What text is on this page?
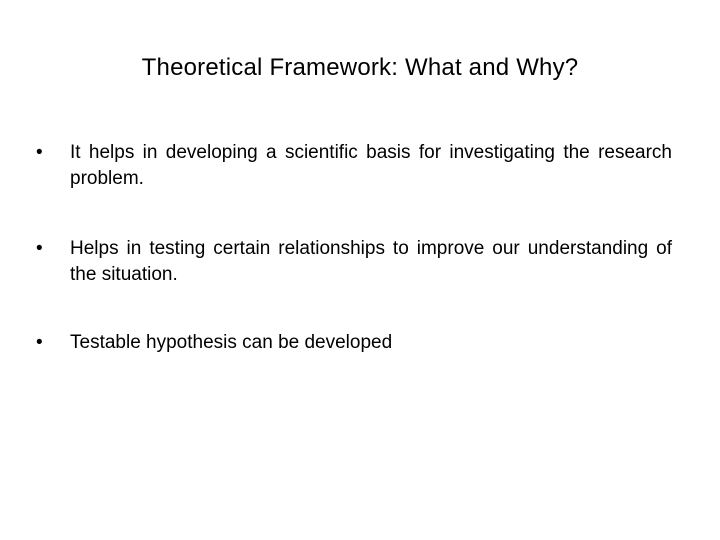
Theoretical Framework: What and Why?
•	It helps in developing a scientific basis for investigating the research problem.
•	Helps in testing certain relationships to improve our understanding of the situation.
•	Testable hypothesis can be developed
